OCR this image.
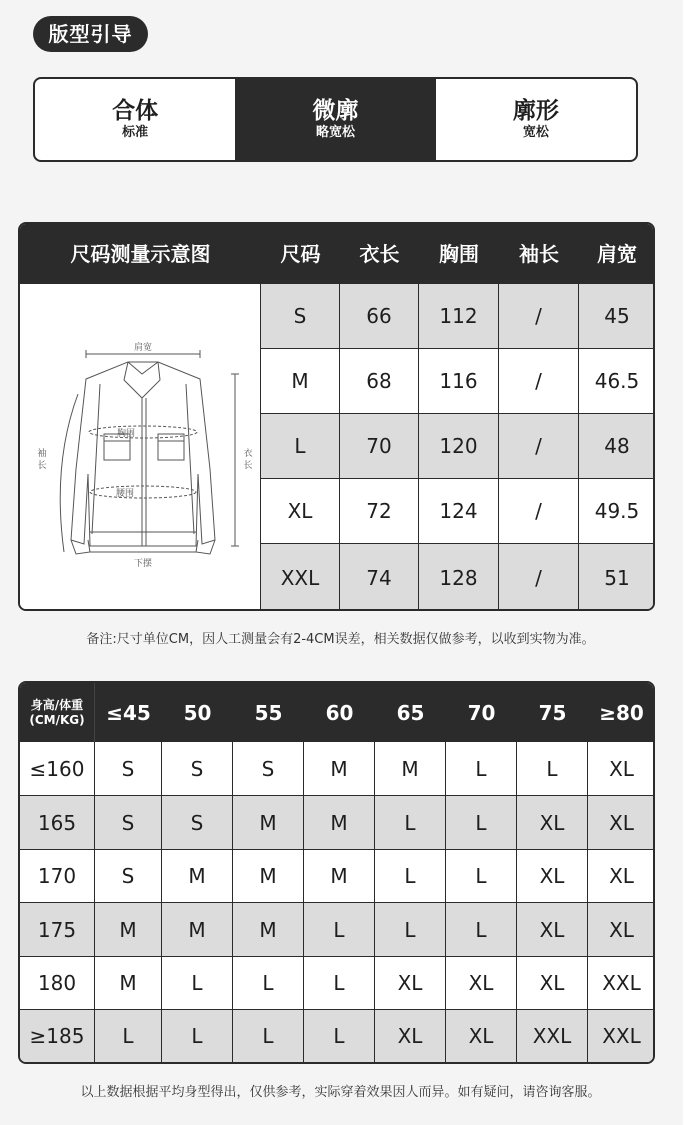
版型引导
合体
标准
微廓
略宽松
廓形
宽松
尺码测量示意图	尺码	衣长	胸围	袖长	肩宽
肩宽
胸围
腰围
下摆
袖
长
衣
长
S	66	112	/	45
M	68	116	/	46.5
L	70	120	/	48
XL	72	124	/	49.5
XXL	74	128	/	51
备注:尺寸单位CM，因人工测量会有2-4CM误差，相关数据仅做参考，以收到实物为准。
身高/体重
(CM/KG)	≤45	50	55	60	65	70	75	≥80
≤160	S	S	S	M	M	L	L	XL
165	S	S	M	M	L	L	XL	XL
170	S	M	M	M	L	L	XL	XL
175	M	M	M	L	L	L	XL	XL
180	M	L	L	L	XL	XL	XL	XXL
≥185	L	L	L	L	XL	XL	XXL	XXL
以上数据根据平均身型得出，仅供参考，实际穿着效果因人而异。如有疑问，请咨询客服。
